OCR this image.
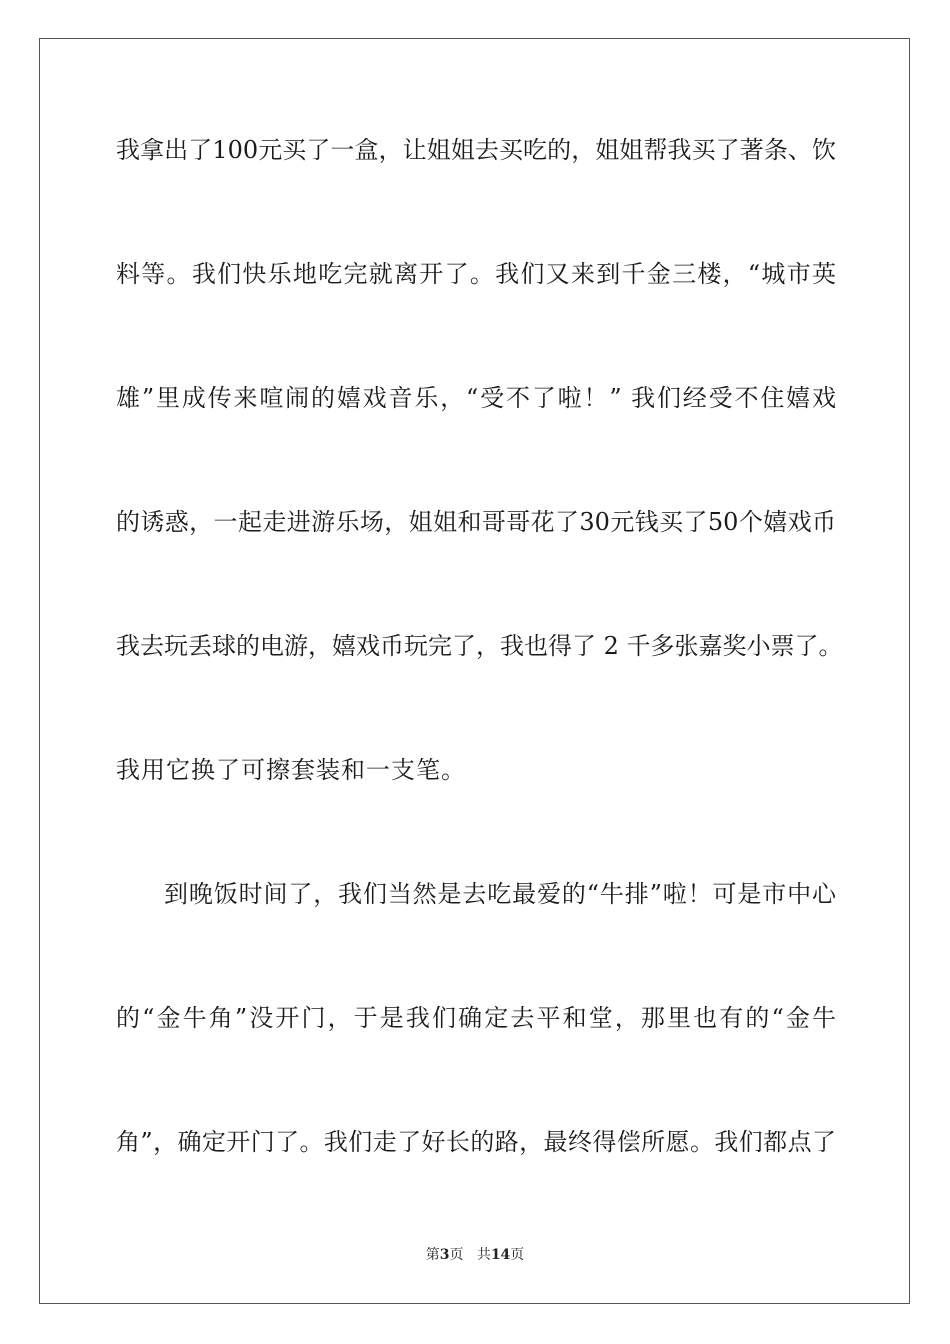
我拿出了100元买了一盒，让姐姐去买吃的，姐姐帮我买了著条、饮
料等。我们快乐地吃完就离开了。我们又来到千金三楼，“城市英
雄”里成传来喧闹的嬉戏音乐，“受不了啦！” 我们经受不住嬉戏
的诱惑，一起走进游乐场，姐姐和哥哥花了30元钱买了50个嬉戏币
我去玩丢球的电游，嬉戏币玩完了，我也得了 2 千多张嘉奖小票了。
我用它换了可擦套装和一支笔。
到晚饭时间了，我们当然是去吃最爱的“牛排”啦！可是市中心
的“金牛角”没开门，于是我们确定去平和堂，那里也有的“金牛
角”，确定开门了。我们走了好长的路，最终得偿所愿。我们都点了
第3页 共14页
